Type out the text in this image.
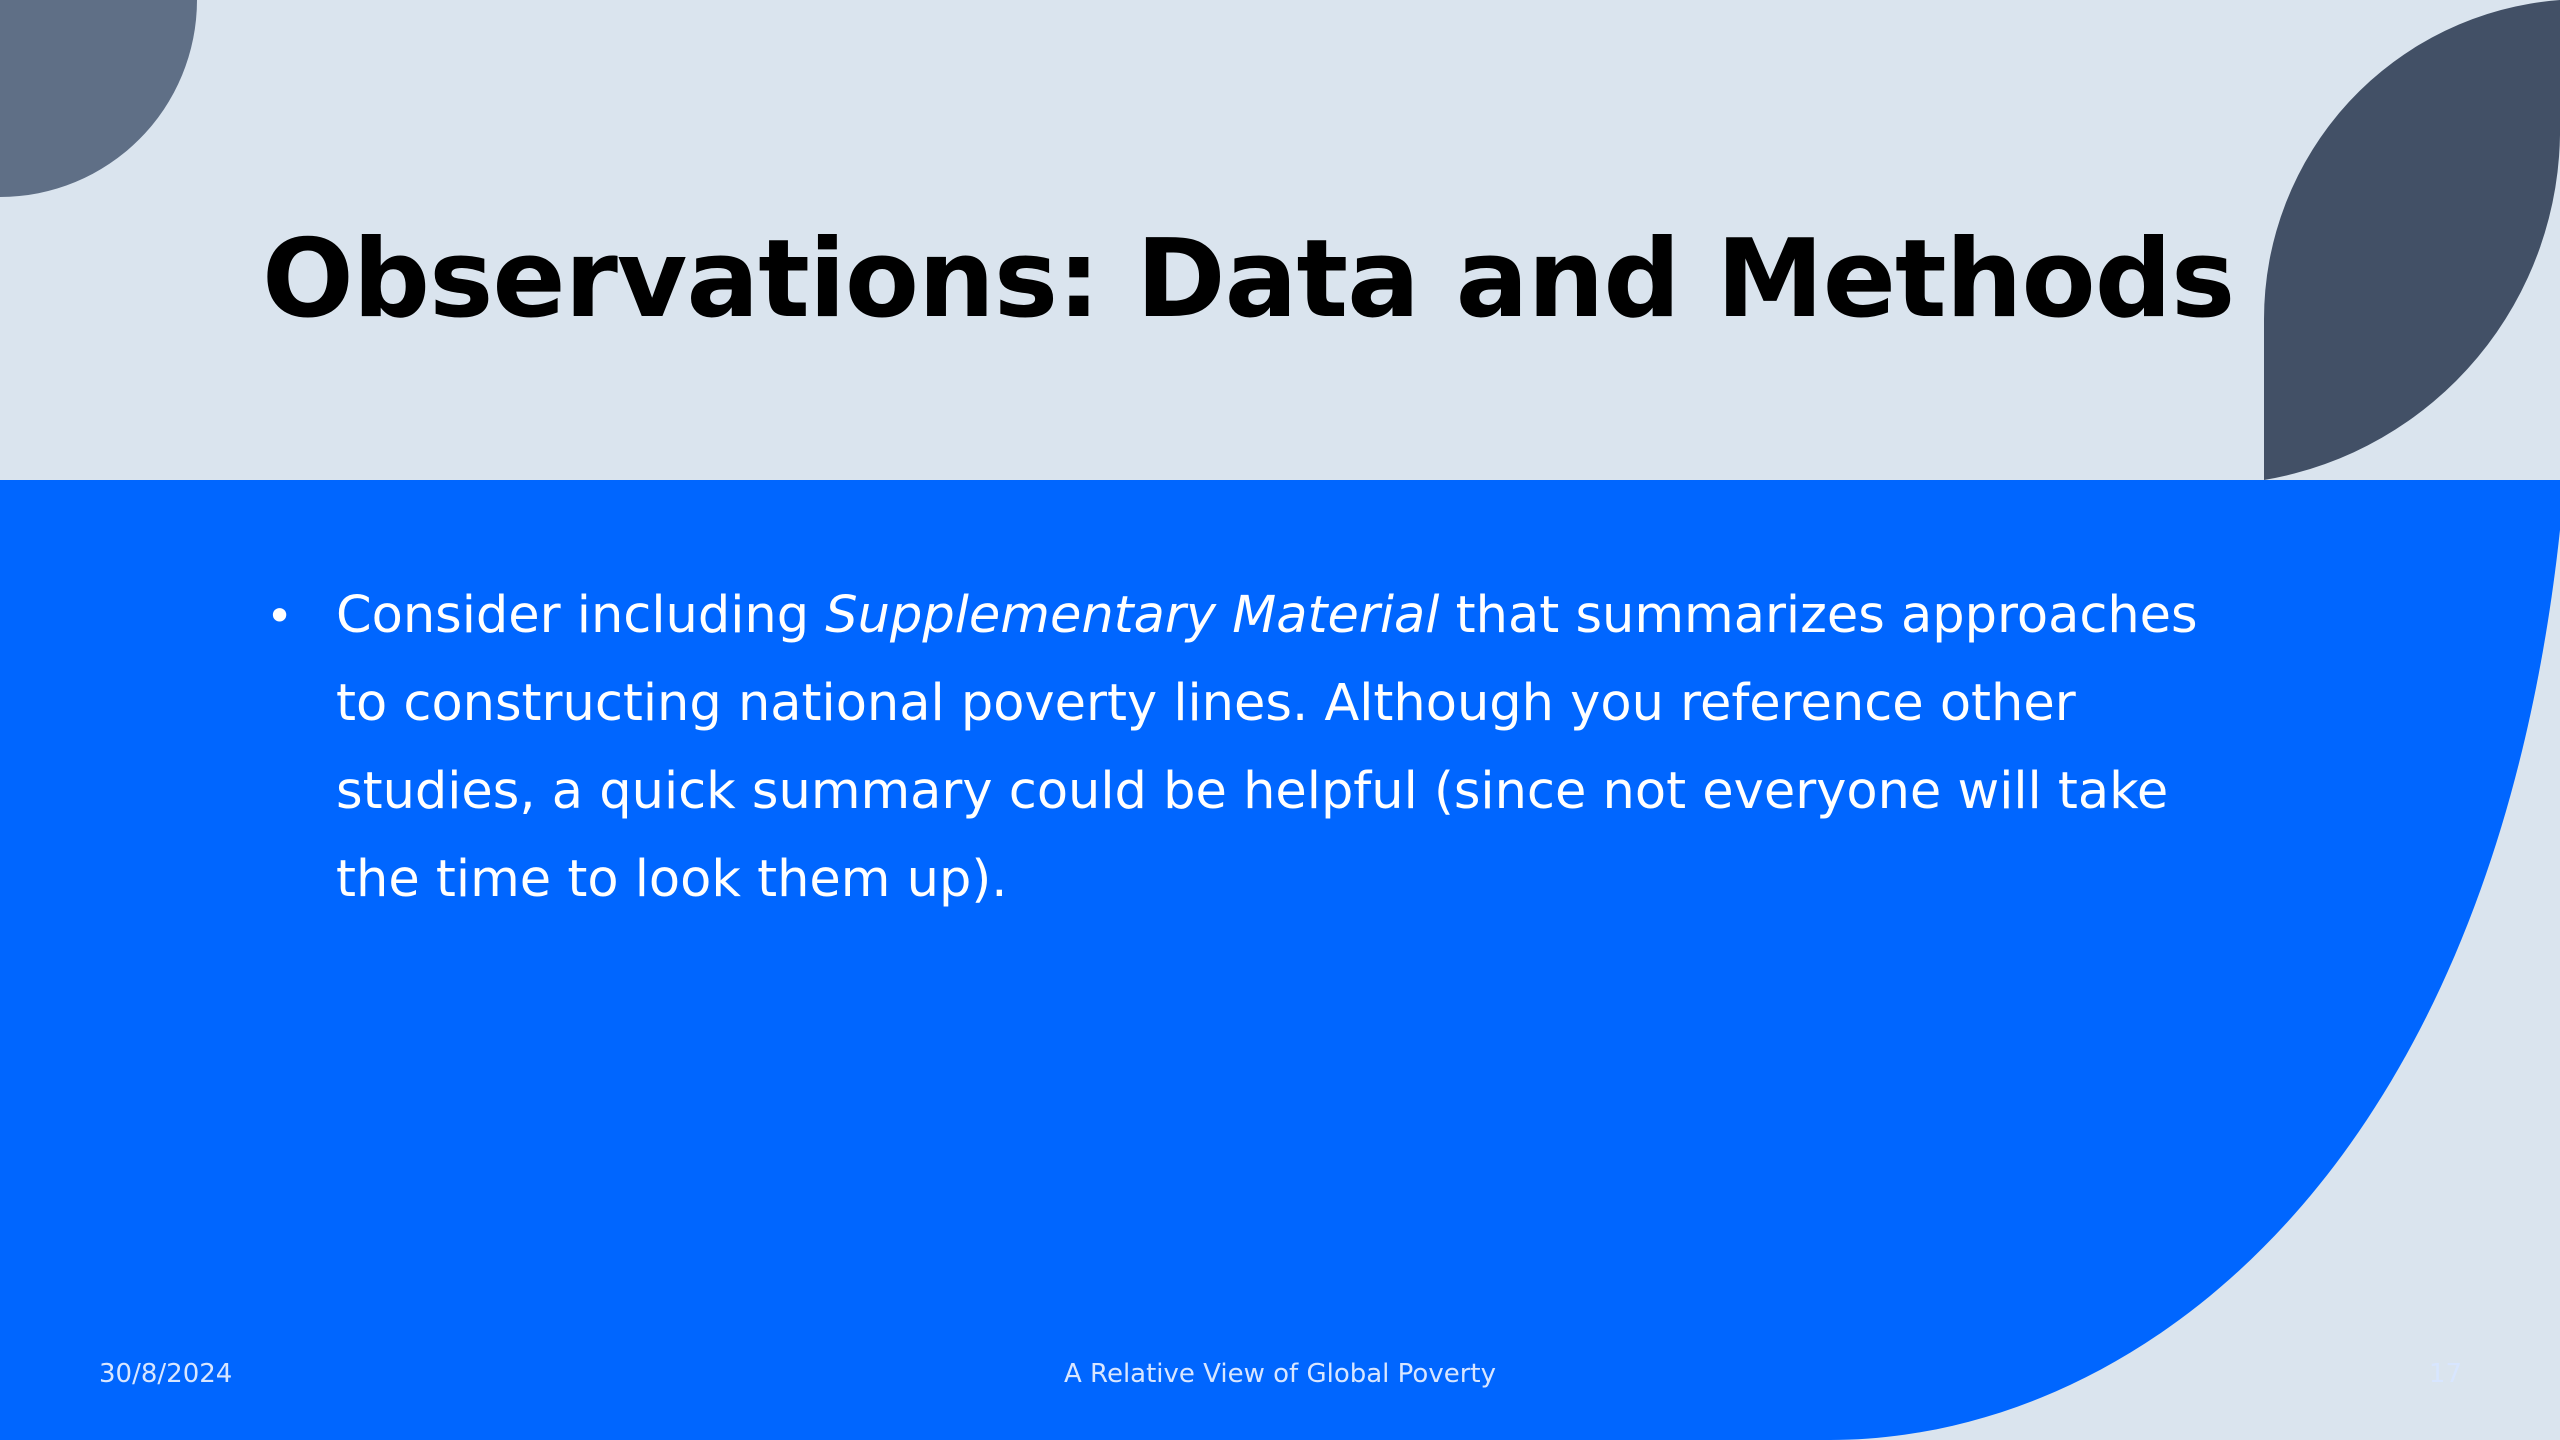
Observations: Data and Methods
• Consider including Supplementary Material that summarizes approaches to constructing national poverty lines. Although you reference other studies, a quick summary could be helpful (since not everyone will take the time to look them up).
30/8/2024	A Relative View of Global Poverty	17
